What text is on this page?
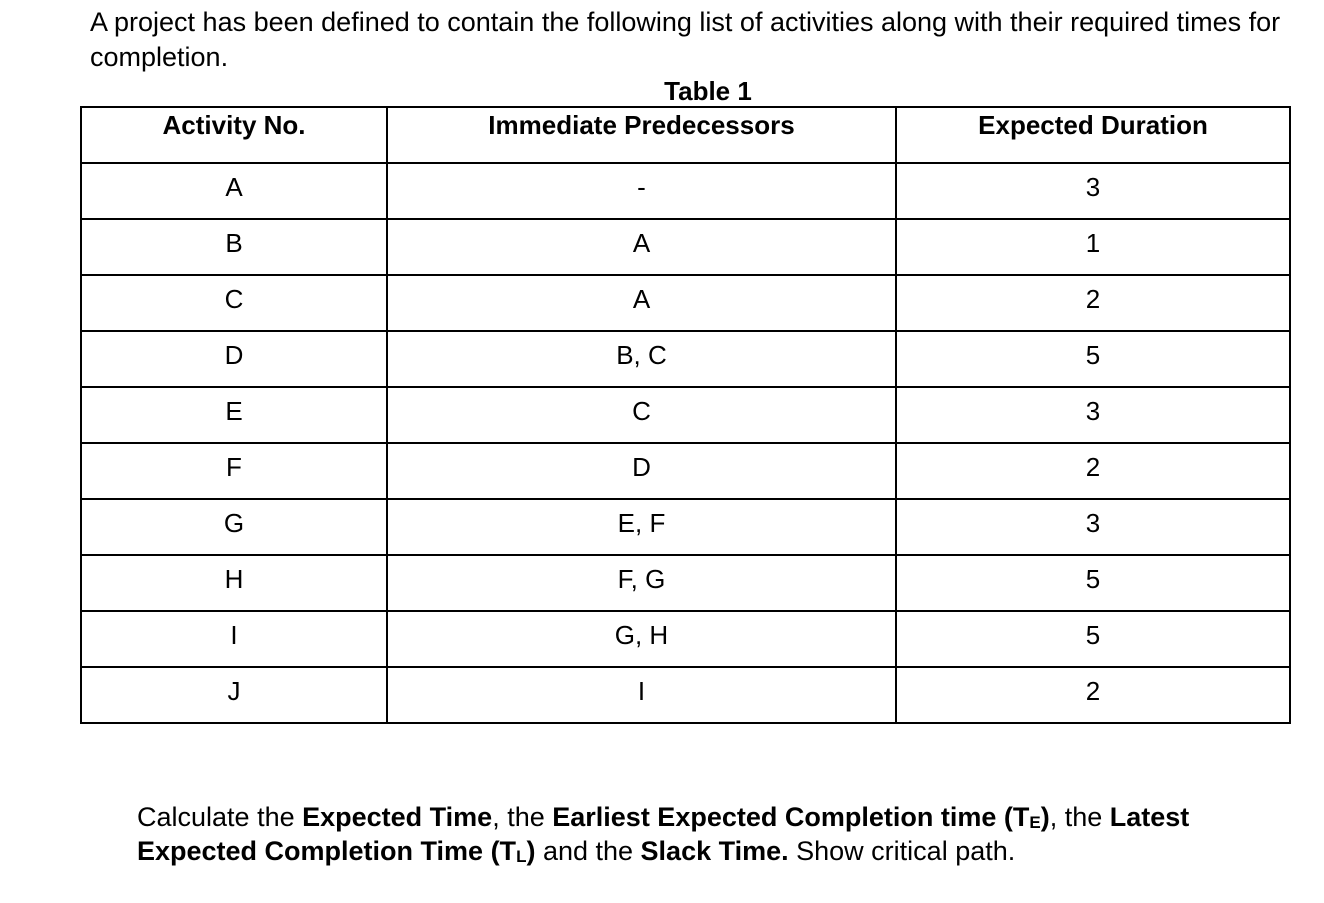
A project has been defined to contain the following list of activities along with their required times for completion.

Table 1
Activity No.	Immediate Predecessors	Expected Duration
A	-	3
B	A	1
C	A	2
D	B, C	5
E	C	3
F	D	2
G	E, F	3
H	F, G	5
I	G, H	5
J	I	2

Calculate the Expected Time, the Earliest Expected Completion time $(T_E)$, the Latest Expected Completion Time $(T_L)$ and the Slack Time. Show critical path.
